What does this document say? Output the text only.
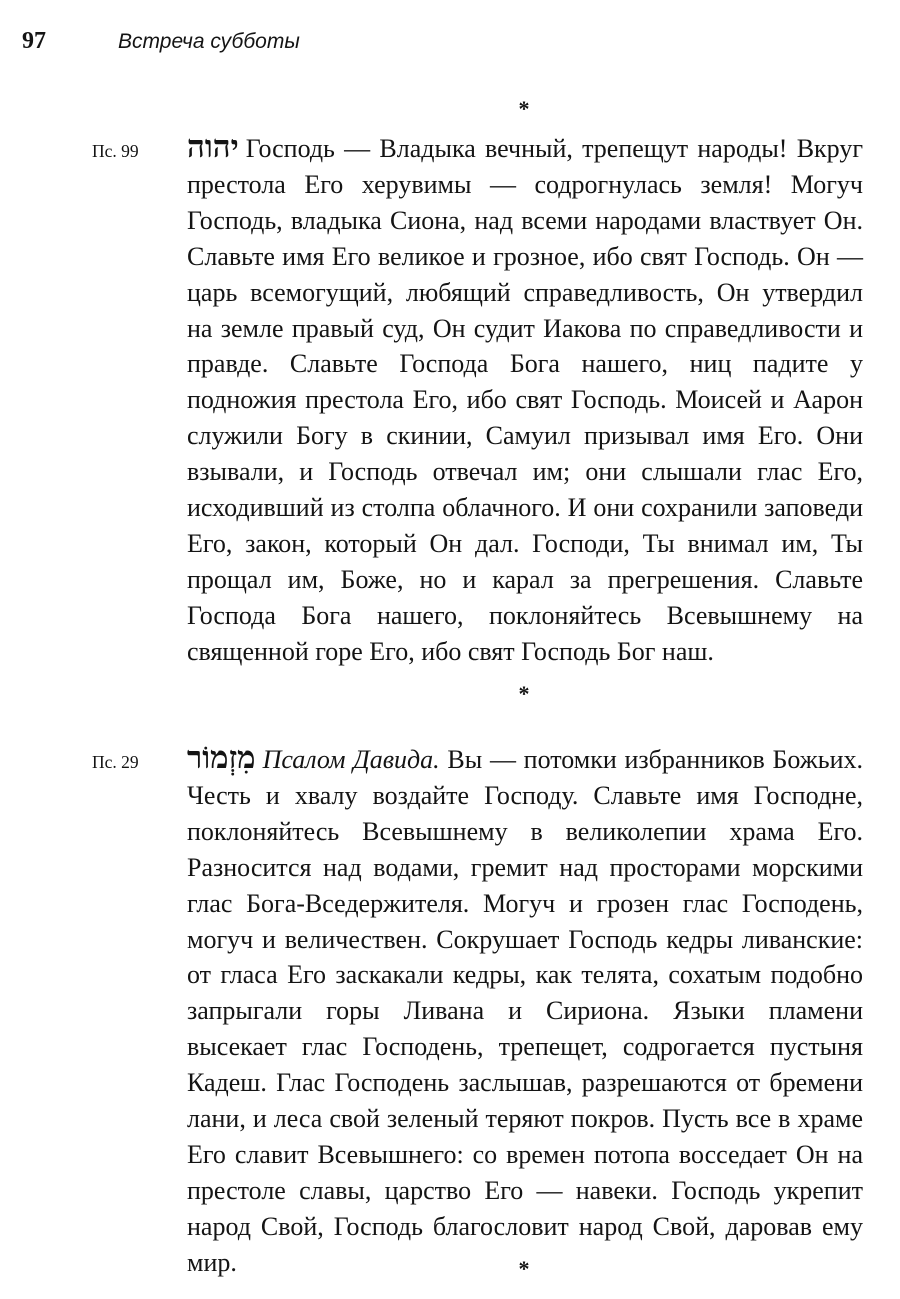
97	Встреча субботы
*
Пс. 99 יהוה Господь — Владыка вечный, трепещут народы! Вкруг престола Его херувимы — содрогнулась земля! Могуч Господь, владыка Сиона, над всеми народами властвует Он. Славьте имя Его великое и грозное, ибо свят Господь. Он — царь всемогущий, любящий справедливость, Он утвердил на земле правый суд, Он судит Иакова по справедливости и правде. Славьте Господа Бога нашего, ниц падите у подножия престола Его, ибо свят Господь. Моисей и Аарон служили Богу в скинии, Самуил призывал имя Его. Они взывали, и Господь отвечал им; они слышали глас Его, исходивший из столпа облачного. И они сохранили заповеди Его, закон, который Он дал. Господи, Ты внимал им, Ты прощал им, Боже, но и карал за прегрешения. Славьте Господа Бога нашего, поклоняйтесь Всевышнему на священной горе Его, ибо свят Господь Бог наш.

*
Пс. 29 מִזְמוֹר Псалом Давида. Вы — потомки избранников Божьих. Честь и хвалу воздайте Господу. Славьте имя Господне, поклоняйтесь Всевышнему в великолепии храма Его. Разносится над водами, гремит над просторами морскими глас Бога-Вседержителя. Могуч и грозен глас Господень, могуч и величествен. Сокрушает Господь кедры ливанские: от гласа Его заскакали кедры, как телята, сохатым подобно запрыгали горы Ливана и Сириона. Языки пламени высекает глас Господень, трепещет, содрогается пустыня Кадеш. Глас Господень заслышав, разрешаются от бремени лани, и леса свой зеленый теряют покров. Пусть все в храме Его славит Всевышнего: со времен потопа восседает Он на престоле славы, царство Его — навеки. Господь укрепит народ Свой, Господь благословит народ Свой, даровав ему мир.	*
